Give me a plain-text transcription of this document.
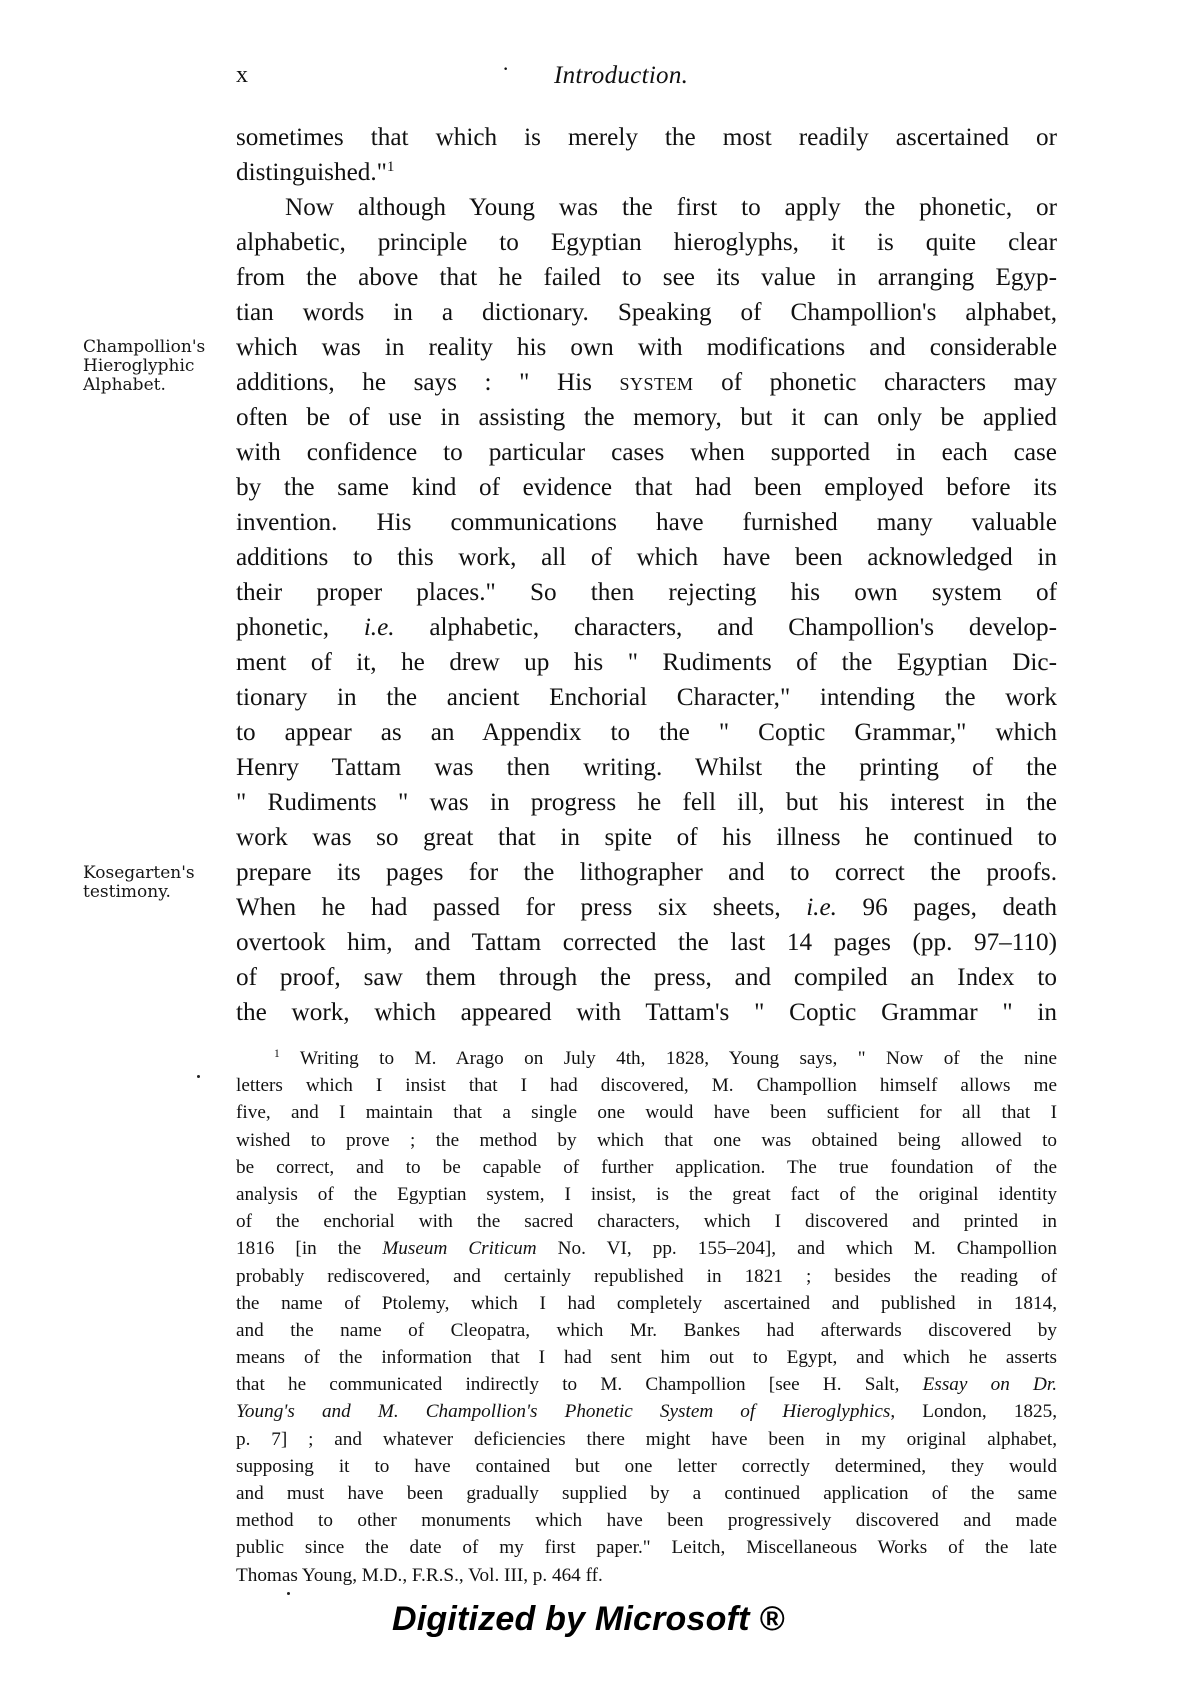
x	· Introduction.
Champollion's
Hieroglyphic
Alphabet.
Kosegarten's
testimony.
sometimes that which is merely the most readily ascertained or
distinguished."$^1$
Now although Young was the first to apply the phonetic, or
alphabetic, principle to Egyptian hieroglyphs, it is quite clear
from the above that he failed to see its value in arranging Egyp-
tian words in a dictionary. Speaking of Champollion's alphabet,
which was in reality his own with modifications and considerable
additions, he says : " His system of phonetic characters may
often be of use in assisting the memory, but it can only be applied
with confidence to particular cases when supported in each case
by the same kind of evidence that had been employed before its
invention. His communications have furnished many valuable
additions to this work, all of which have been acknowledged in
their proper places." So then rejecting his own system of
phonetic, i.e. alphabetic, characters, and Champollion's develop-
ment of it, he drew up his " Rudiments of the Egyptian Dic-
tionary in the ancient Enchorial Character," intending the work
to appear as an Appendix to the " Coptic Grammar," which
Henry Tattam was then writing. Whilst the printing of the
" Rudiments " was in progress he fell ill, but his interest in the
work was so great that in spite of his illness he continued to
prepare its pages for the lithographer and to correct the proofs.
When he had passed for press six sheets, i.e. 96 pages, death
overtook him, and Tattam corrected the last 14 pages (pp. 97–110)
of proof, saw them through the press, and compiled an Index to
the work, which appeared with Tattam's " Coptic Grammar " in
$^1$ Writing to M. Arago on July 4th, 1828, Young says, " Now of the nine
letters which I insist that I had discovered, M. Champollion himself allows me
five, and I maintain that a single one would have been sufficient for all that I
wished to prove ; the method by which that one was obtained being allowed to
be correct, and to be capable of further application. The true foundation of the
analysis of the Egyptian system, I insist, is the great fact of the original identity
of the enchorial with the sacred characters, which I discovered and printed in
1816 [in the Museum Criticum No. VI, pp. 155–204], and which M. Champollion
probably rediscovered, and certainly republished in 1821 ; besides the reading of
the name of Ptolemy, which I had completely ascertained and published in 1814,
and the name of Cleopatra, which Mr. Bankes had afterwards discovered by
means of the information that I had sent him out to Egypt, and which he asserts
that he communicated indirectly to M. Champollion [see H. Salt, Essay on Dr.
Young's and M. Champollion's Phonetic System of Hieroglyphics, London, 1825,
p. 7] ; and whatever deficiencies there might have been in my original alphabet,
supposing it to have contained but one letter correctly determined, they would
and must have been gradually supplied by a continued application of the same
method to other monuments which have been progressively discovered and made
public since the date of my first paper." Leitch, Miscellaneous Works of the late
Thomas Young, M.D., F.R.S., Vol. III, p. 464 ff.
Digitized by Microsoft ®
